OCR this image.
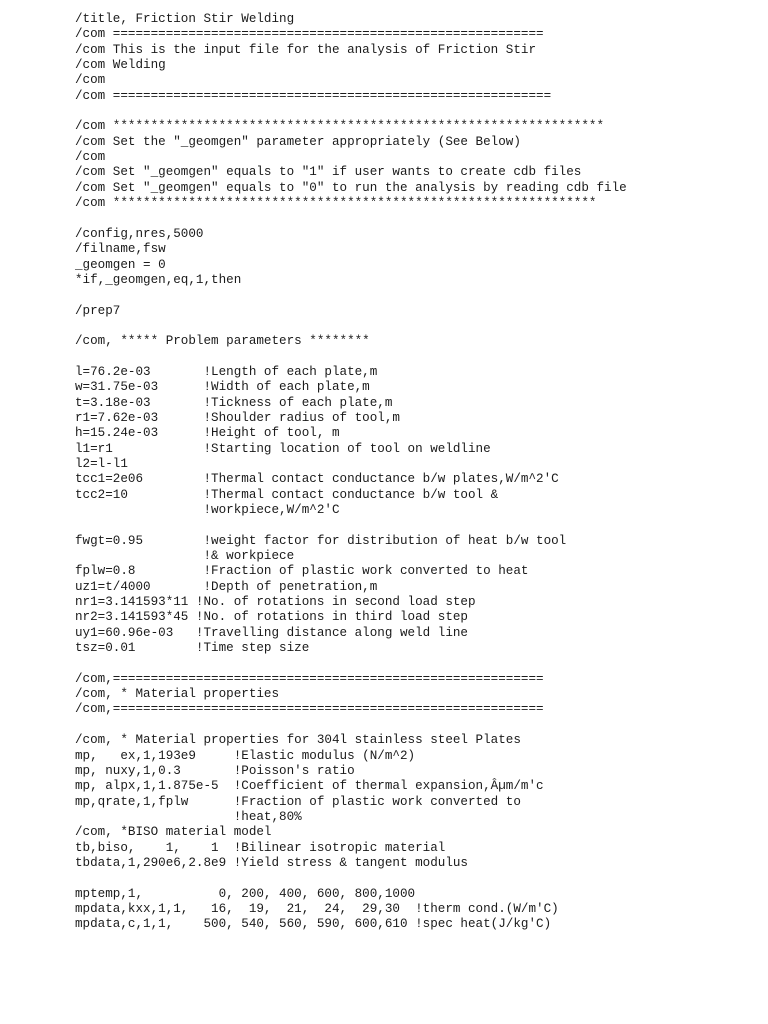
/title, Friction Stir Welding
/com =========================================================
/com This is the input file for the analysis of Friction Stir
/com Welding
/com
/com ==========================================================
/com *****************************************************************
/com Set the "_geomgen" parameter appropriately (See Below)
/com
/com Set "_geomgen" equals to "1" if user wants to create cdb files
/com Set "_geomgen" equals to "0" to run the analysis by reading cdb file
/com ****************************************************************
/config,nres,5000
/filname,fsw
_geomgen = 0
*if,_geomgen,eq,1,then
/prep7
/com, ***** Problem parameters ********
l=76.2e-03       !Length of each plate,m
w=31.75e-03      !Width of each plate,m
t=3.18e-03       !Tickness of each plate,m
r1=7.62e-03      !Shoulder radius of tool,m
h=15.24e-03      !Height of tool, m
l1=r1            !Starting location of tool on weldline
l2=l-l1
tcc1=2e06        !Thermal contact conductance b/w plates,W/m^2'C
tcc2=10          !Thermal contact conductance b/w tool &
!workpiece,W/m^2'C
fwgt=0.95        !weight factor for distribution of heat b/w tool
!& workpiece
fplw=0.8         !Fraction of plastic work converted to heat
uz1=t/4000       !Depth of penetration,m
nr1=3.141593*11 !No. of rotations in second load step
nr2=3.141593*45 !No. of rotations in third load step
uy1=60.96e-03   !Travelling distance along weld line
tsz=0.01        !Time step size
/com,=========================================================
/com, * Material properties
/com,=========================================================
/com, * Material properties for 304l stainless steel Plates
mp,   ex,1,193e9     !Elastic modulus (N/m^2)
mp, nuxy,1,0.3       !Poisson's ratio
mp, alpx,1,1.875e-5  !Coefficient of thermal expansion,Âµm/m'c
mp,qrate,1,fplw      !Fraction of plastic work converted to
!heat,80%
/com, *BISO material model
tb,biso,    1,    1  !Bilinear isotropic material
tbdata,1,290e6,2.8e9 !Yield stress & tangent modulus
mptemp,1,          0, 200, 400, 600, 800,1000
mpdata,kxx,1,1,   16,  19,  21,  24,  29,30  !therm cond.(W/m'C)
mpdata,c,1,1,    500, 540, 560, 590, 600,610 !spec heat(J/kg'C)
